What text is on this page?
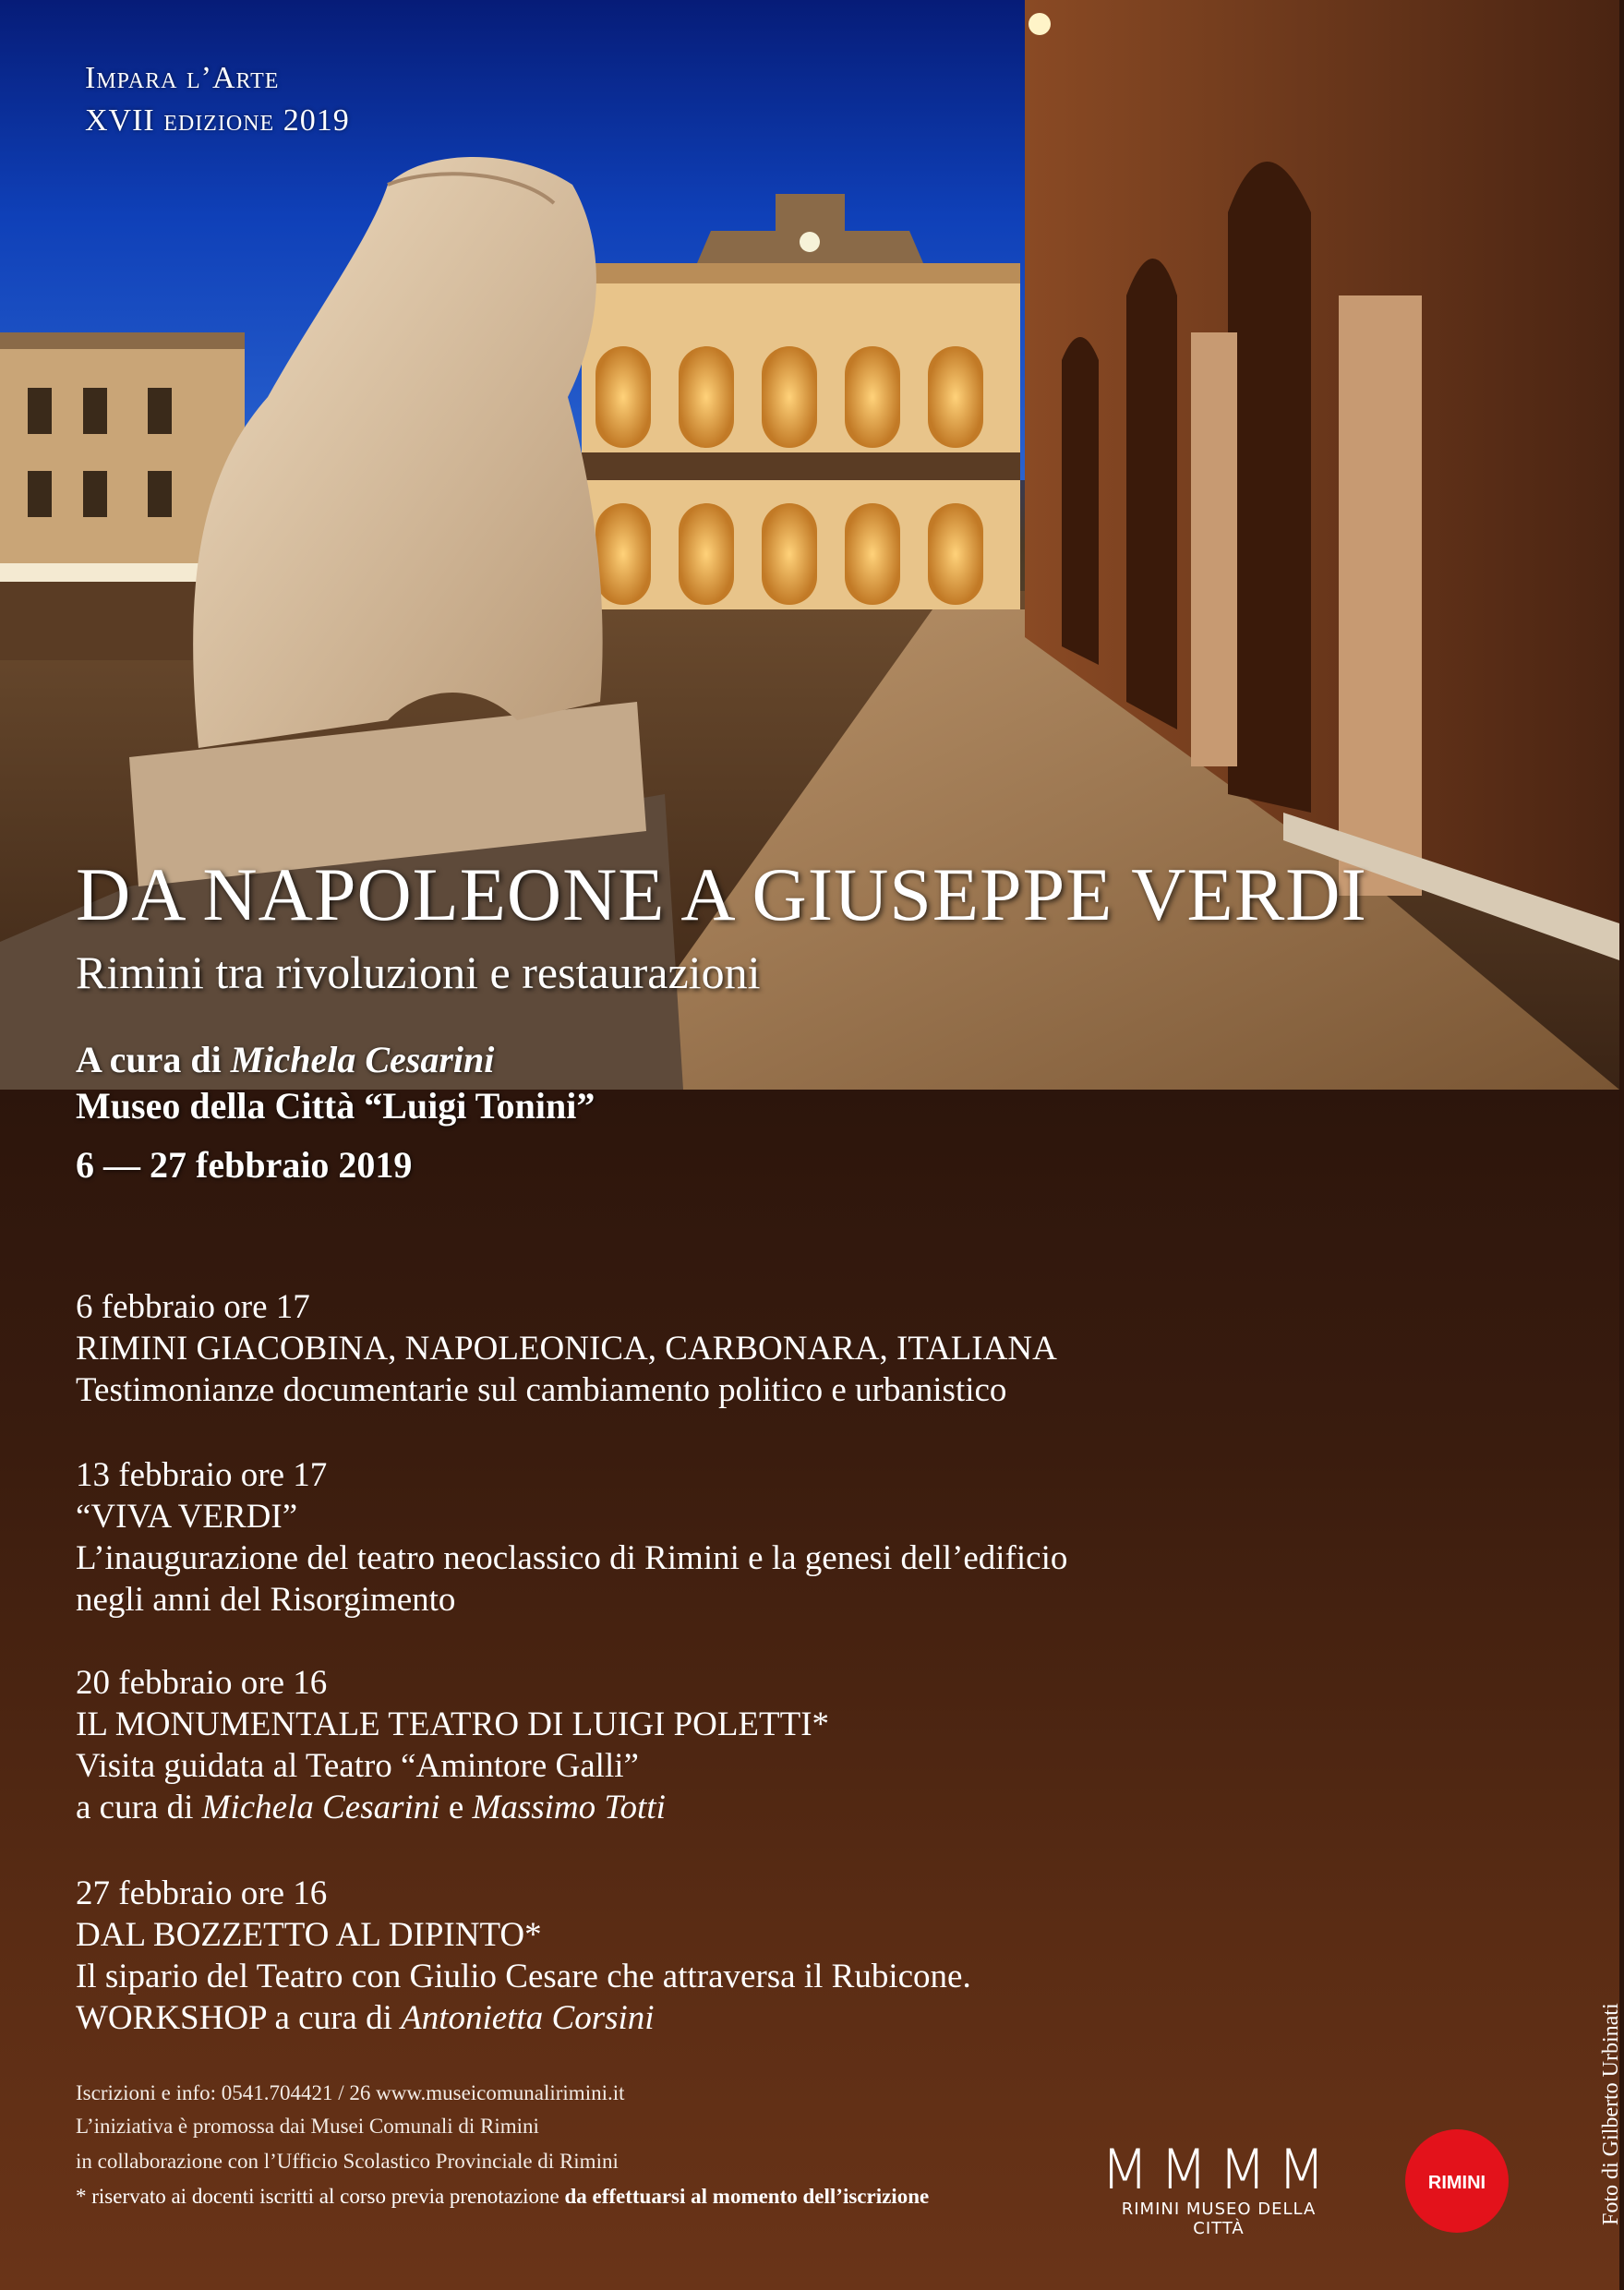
Impara l’Arte
XVII edizione 2019
DA NAPOLEONE A GIUSEPPE VERDI
Rimini tra rivoluzioni e restaurazioni
A cura di Michela Cesarini
Museo della Città “Luigi Tonini”
6 — 27 febbraio 2019
6 febbraio ore 17
RIMINI GIACOBINA, NAPOLEONICA, CARBONARA, ITALIANA
Testimonianze documentarie sul cambiamento politico e urbanistico
13 febbraio ore 17
“VIVA VERDI”
L’inaugurazione del teatro neoclassico di Rimini e la genesi dell’edificio
negli anni del Risorgimento
20 febbraio ore 16
IL MONUMENTALE TEATRO DI LUIGI POLETTI*
Visita guidata al Teatro “Amintore Galli”
a cura di Michela Cesarini e Massimo Totti
27 febbraio ore 16
DAL BOZZETTO AL DIPINTO*
Il sipario del Teatro con Giulio Cesare che attraversa il Rubicone.
WORKSHOP a cura di Antonietta Corsini
Iscrizioni e info: 0541.704421 / 26 www.museicomunalirimini.it
L’iniziativa è promossa dai Musei Comunali di Rimini
in collaborazione con l’Ufficio Scolastico Provinciale di Rimini
* riservato ai docenti iscritti al corso previa prenotazione da effettuarsi al momento dell’iscrizione	MMMM
RIMINI MUSEO DELLA CITTÀ
RIMINI	Foto di Gilberto Urbinati
